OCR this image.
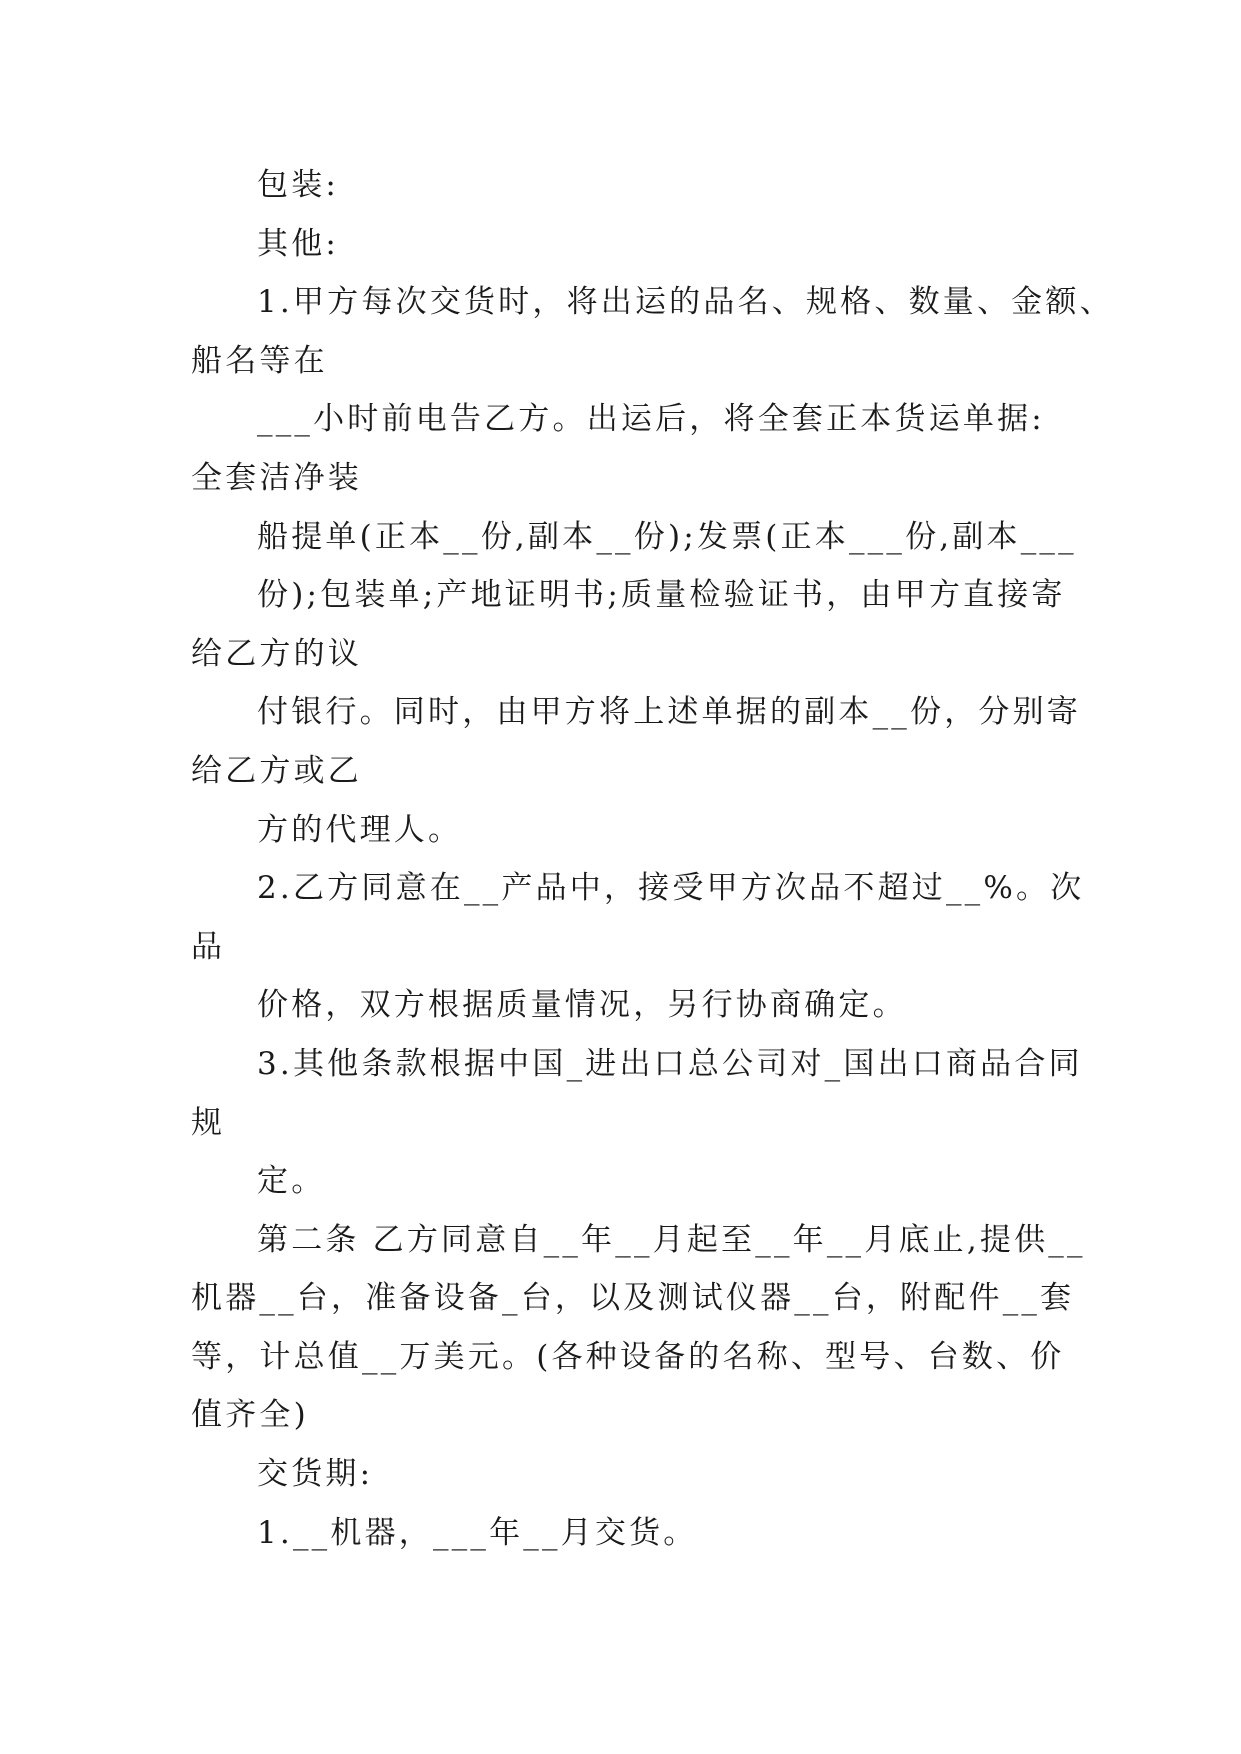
包装:
其他:
1.甲方每次交货时，将出运的品名、规格、数量、金额、
船名等在
___小时前电告乙方。出运后，将全套正本货运单据:
全套洁净装
船提单(正本__份,副本__份);发票(正本___份,副本___
份);包装单;产地证明书;质量检验证书，由甲方直接寄
给乙方的议
付银行。同时，由甲方将上述单据的副本__份，分别寄
给乙方或乙
方的代理人。
2.乙方同意在__产品中，接受甲方次品不超过__%。次
品
价格，双方根据质量情况，另行协商确定。
3.其他条款根据中国_进出口总公司对_国出口商品合同
规
定。
第二条 乙方同意自__年__月起至__年__月底止,提供__
机器__台，准备设备_台，以及测试仪器__台，附配件__套
等，计总值__万美元。(各种设备的名称、型号、台数、价
值齐全)
交货期:
1.__机器，___年__月交货。
